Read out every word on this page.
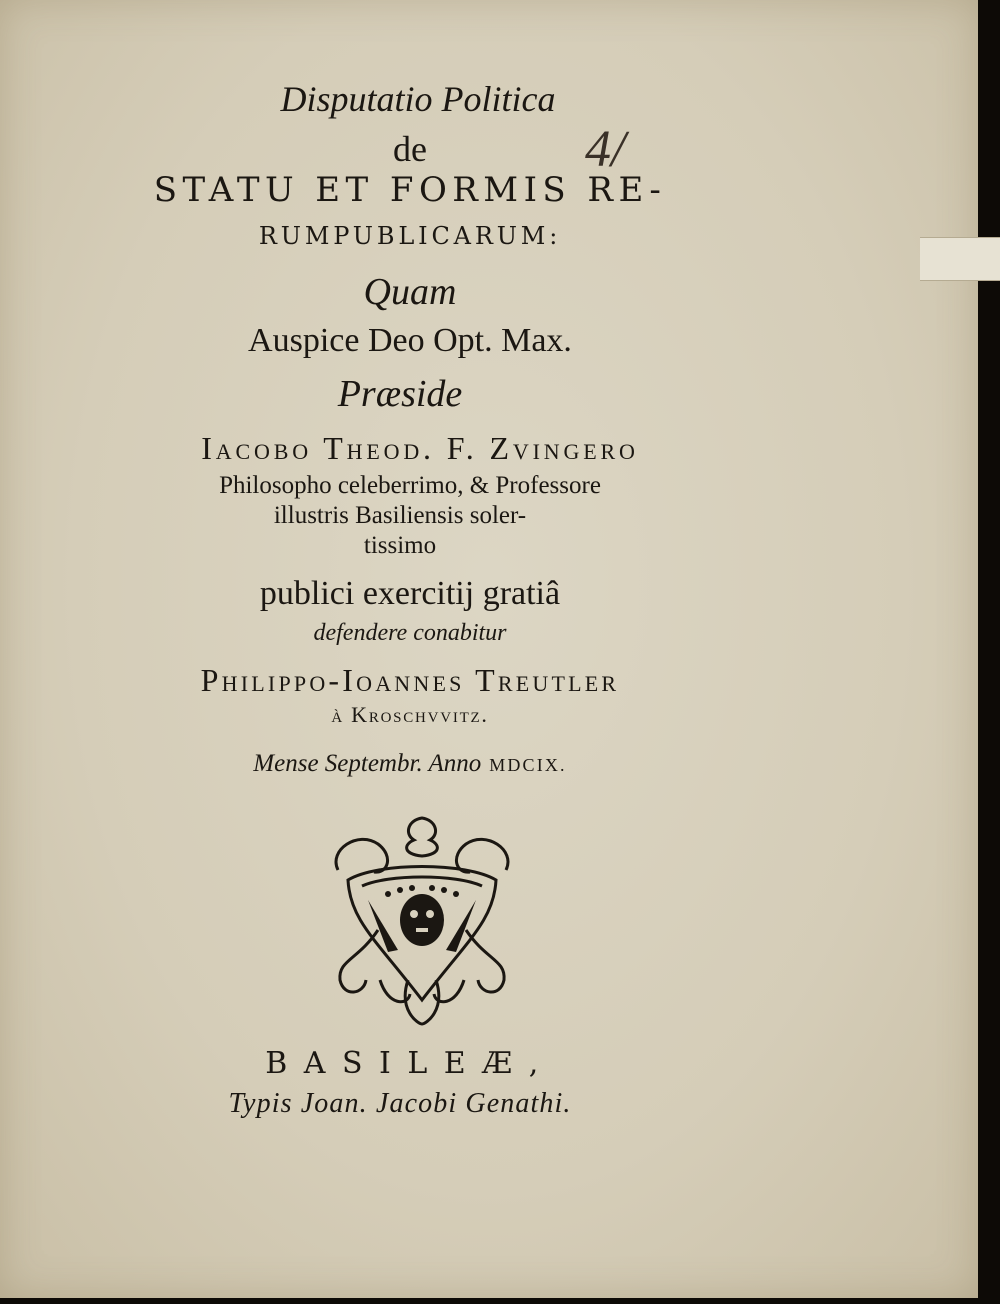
4/
Disputatio Politica
de
STATU ET FORMIS RE-
RUMPUBLICARUM:
Quam
Auspice Deo Opt. Max.
Præside
Iacobo Theod. F. Zvingero
Philosopho celeberrimo, & Professore
illustris Basiliensis soler-
tissimo
publici exercitij gratiâ
defendere conabitur
Philippo-Ioannes Treutler
à Kroschvvitz.
Mense Septembr. Anno MDCIX.
BASILEÆ,
Typis Joan. Jacobi Genathi.
